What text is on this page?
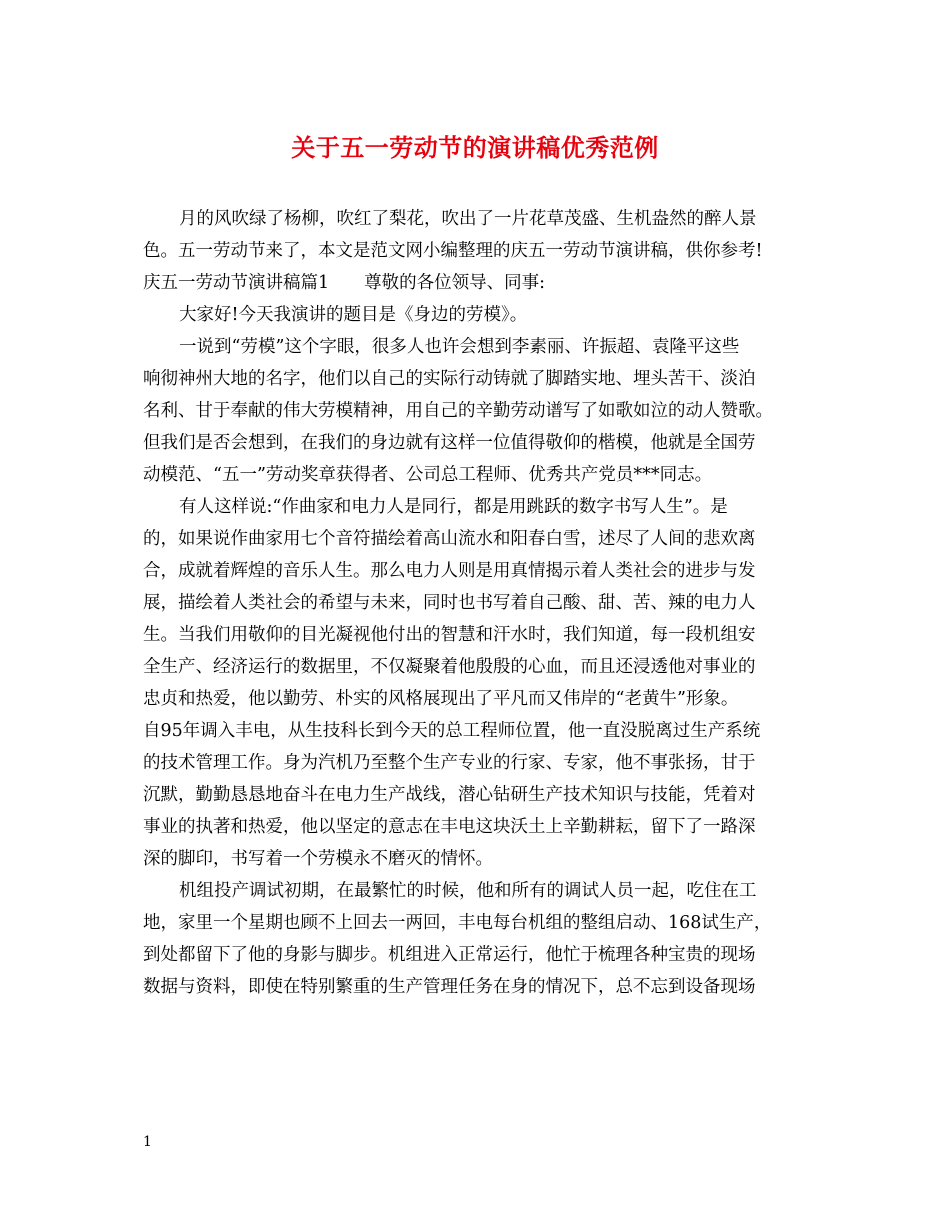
关于五一劳动节的演讲稿优秀范例
月的风吹绿了杨柳，吹红了梨花，吹出了一片花草茂盛、生机盎然的醉人景
色。五一劳动节来了，本文是范文网小编整理的庆五一劳动节演讲稿，供你参考!
庆五一劳动节演讲稿篇1　　尊敬的各位领导、同事:
大家好!今天我演讲的题目是《身边的劳模》。
一说到“劳模”这个字眼，很多人也许会想到李素丽、许振超、袁隆平这些
响彻神州大地的名字，他们以自己的实际行动铸就了脚踏实地、埋头苦干、淡泊
名利、甘于奉献的伟大劳模精神，用自己的辛勤劳动谱写了如歌如泣的动人赞歌。
但我们是否会想到，在我们的身边就有这样一位值得敬仰的楷模，他就是全国劳
动模范、“五一”劳动奖章获得者、公司总工程师、优秀共产党员***同志。
有人这样说:“作曲家和电力人是同行，都是用跳跃的数字书写人生”。是
的，如果说作曲家用七个音符描绘着高山流水和阳春白雪，述尽了人间的悲欢离
合，成就着辉煌的音乐人生。那么电力人则是用真情揭示着人类社会的进步与发
展，描绘着人类社会的希望与未来，同时也书写着自己酸、甜、苦、辣的电力人
生。当我们用敬仰的目光凝视他付出的智慧和汗水时，我们知道，每一段机组安
全生产、经济运行的数据里，不仅凝聚着他殷殷的心血，而且还浸透他对事业的
忠贞和热爱，他以勤劳、朴实的风格展现出了平凡而又伟岸的“老黄牛”形象。
自95年调入丰电，从生技科长到今天的总工程师位置，他一直没脱离过生产系统
的技术管理工作。身为汽机乃至整个生产专业的行家、专家，他不事张扬，甘于
沉默，勤勤恳恳地奋斗在电力生产战线，潜心钻研生产技术知识与技能，凭着对
事业的执著和热爱，他以坚定的意志在丰电这块沃土上辛勤耕耘，留下了一路深
深的脚印，书写着一个劳模永不磨灭的情怀。
机组投产调试初期，在最繁忙的时候，他和所有的调试人员一起，吃住在工
地，家里一个星期也顾不上回去一两回，丰电每台机组的整组启动、168试生产，
到处都留下了他的身影与脚步。机组进入正常运行，他忙于梳理各种宝贵的现场
数据与资料，即使在特别繁重的生产管理任务在身的情况下，总不忘到设备现场
1
